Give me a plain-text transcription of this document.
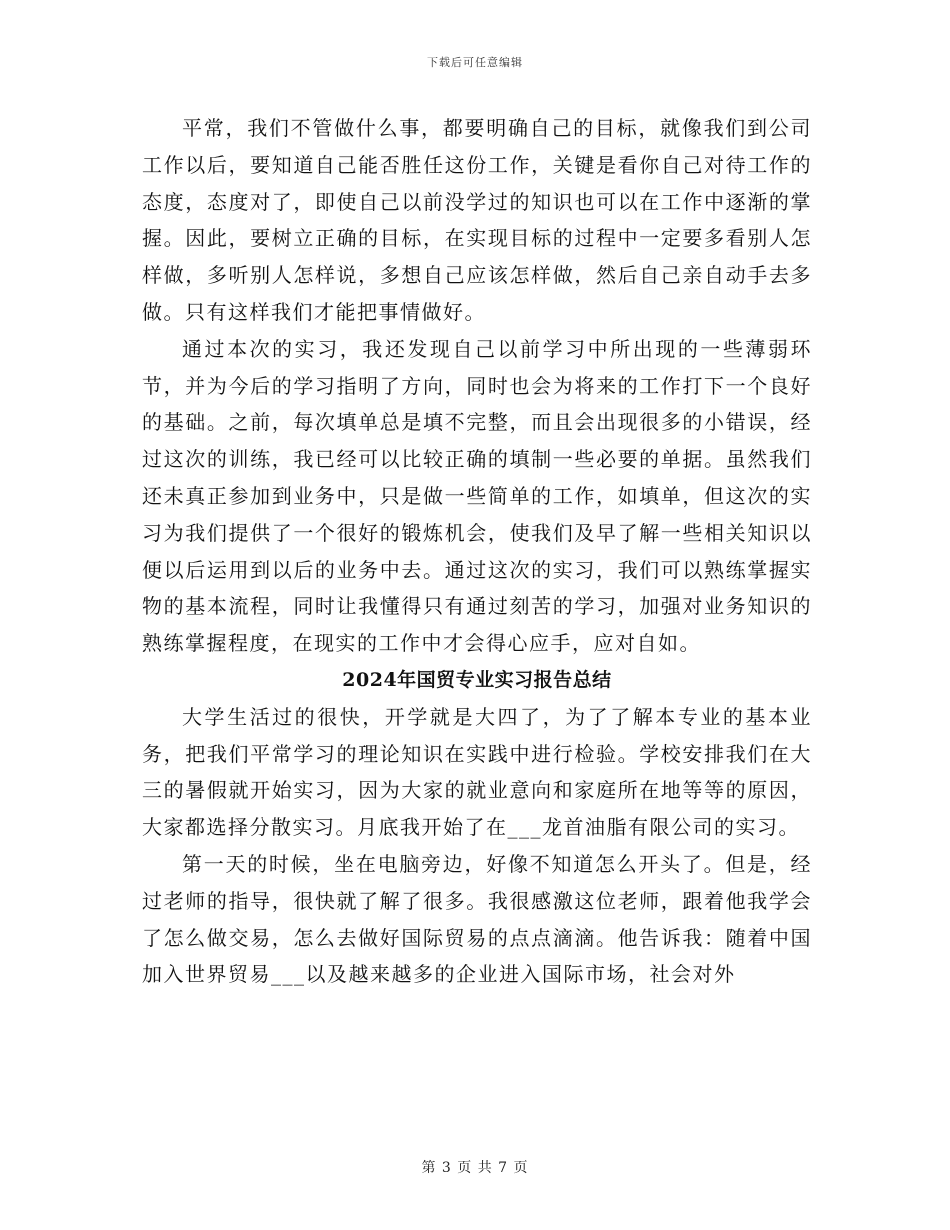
下载后可任意编辑

平常，我们不管做什么事，都要明确自己的目标，就像我们到公司工作以后，要知道自己能否胜任这份工作，关键是看你自己对待工作的态度，态度对了，即使自己以前没学过的知识也可以在工作中逐渐的掌握。因此，要树立正确的目标，在实现目标的过程中一定要多看别人怎样做，多听别人怎样说，多想自己应该怎样做，然后自己亲自动手去多做。只有这样我们才能把事情做好。

通过本次的实习，我还发现自己以前学习中所出现的一些薄弱环节，并为今后的学习指明了方向，同时也会为将来的工作打下一个良好的基础。之前，每次填单总是填不完整，而且会出现很多的小错误，经过这次的训练，我已经可以比较正确的填制一些必要的单据。虽然我们还未真正参加到业务中，只是做一些简单的工作，如填单，但这次的实习为我们提供了一个很好的锻炼机会，使我们及早了解一些相关知识以便以后运用到以后的业务中去。通过这次的实习，我们可以熟练掌握实物的基本流程，同时让我懂得只有通过刻苦的学习，加强对业务知识的熟练掌握程度，在现实的工作中才会得心应手，应对自如。

2024年国贸专业实习报告总结

大学生活过的很快，开学就是大四了，为了了解本专业的基本业务，把我们平常学习的理论知识在实践中进行检验。学校安排我们在大三的暑假就开始实习，因为大家的就业意向和家庭所在地等等的原因，大家都选择分散实习。月底我开始了在___龙首油脂有限公司的实习。

第一天的时候，坐在电脑旁边，好像不知道怎么开头了。但是，经过老师的指导，很快就了解了很多。我很感激这位老师，跟着他我学会了怎么做交易，怎么去做好国际贸易的点点滴滴。他告诉我：随着中国加入世界贸易___以及越来越多的企业进入国际市场，社会对外

第 3 页 共 7 页
